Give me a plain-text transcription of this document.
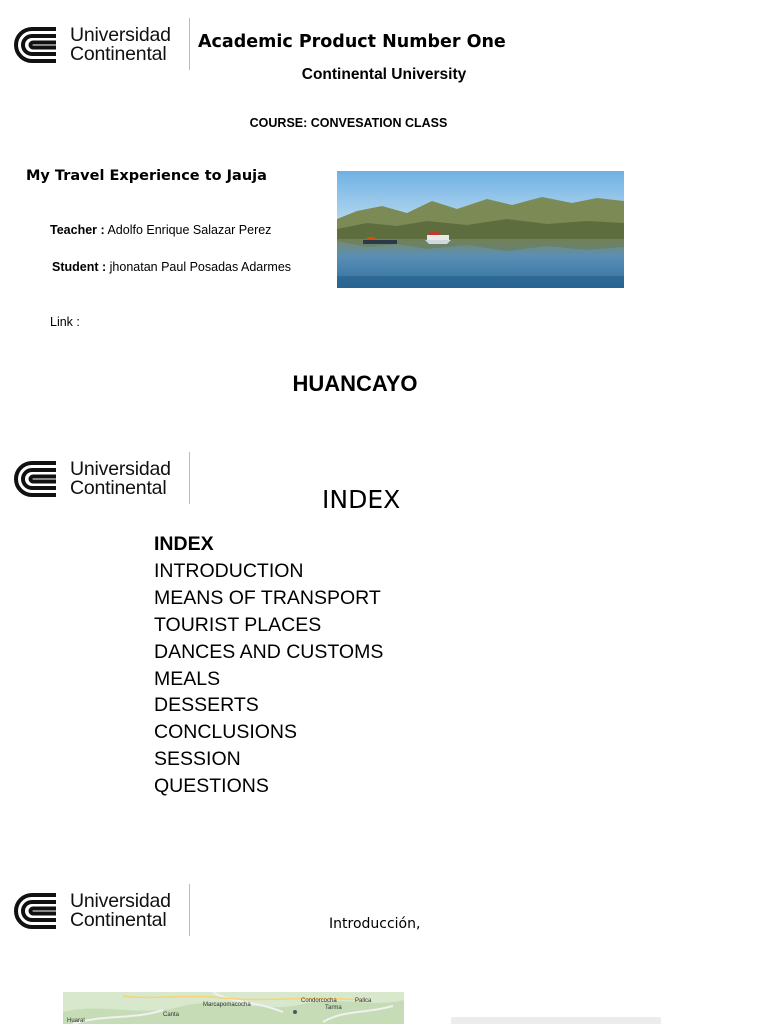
Universidad
Continental
Academic Product Number One
Continental University
COURSE: CONVESATION CLASS
My Travel Experience to Jauja
Teacher : Adolfo Enrique Salazar Perez
Student : jhonatan Paul Posadas Adarmes
Link :
HUANCAYO
Universidad
Continental	INDEX
INDEX
INTRODUCTION
MEANS OF TRANSPORT
TOURIST PLACES
DANCES AND CUSTOMS
MEALS
DESSERTS
CONCLUSIONS
SESSION
QUESTIONS
Universidad
Continental	Introducción,
Huaral
Marcapomacocha
Condorcocha	Pallca
Tarma
Canta
